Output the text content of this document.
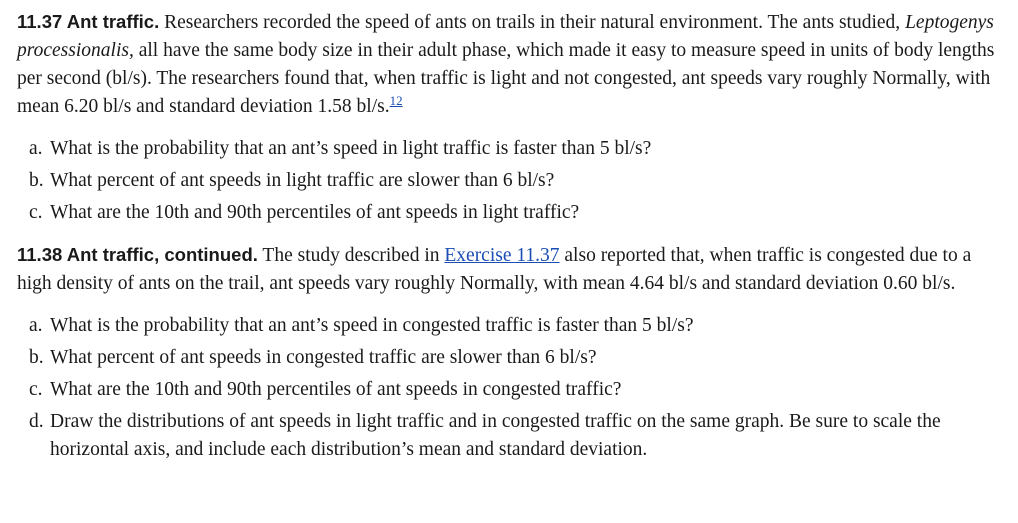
11.37 Ant traffic. Researchers recorded the speed of ants on trails in their natural environment. The ants studied, Leptogenys processionalis, all have the same body size in their adult phase, which made it easy to measure speed in units of body lengths per second (bl/s). The researchers found that, when traffic is light and not congested, ant speeds vary roughly Normally, with mean 6.20 bl/s and standard deviation 1.58 bl/s.$^{12}$

a. What is the probability that an ant’s speed in light traffic is faster than 5 bl/s?
b. What percent of ant speeds in light traffic are slower than 6 bl/s?
c. What are the 10th and 90th percentiles of ant speeds in light traffic?

11.38 Ant traffic, continued. The study described in Exercise 11.37 also reported that, when traffic is congested due to a high density of ants on the trail, ant speeds vary roughly Normally, with mean 4.64 bl/s and standard deviation 0.60 bl/s.

a. What is the probability that an ant’s speed in congested traffic is faster than 5 bl/s?
b. What percent of ant speeds in congested traffic are slower than 6 bl/s?
c. What are the 10th and 90th percentiles of ant speeds in congested traffic?
d. Draw the distributions of ant speeds in light traffic and in congested traffic on the same graph. Be sure to scale the horizontal axis, and include each distribution’s mean and standard deviation.
